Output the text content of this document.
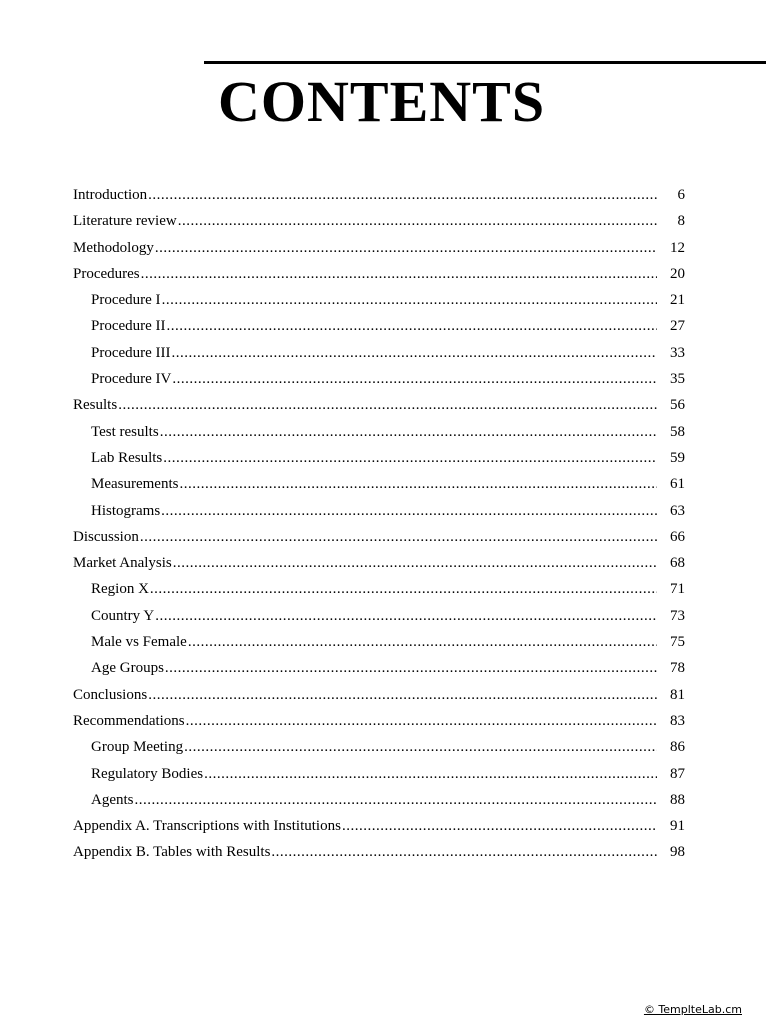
CONTENTS
Introduction .....	6
Literature review .....	8
Methodology .....	12
Procedures .....	20
Procedure I .....	21
Procedure II .....	27
Procedure III .....	33
Procedure IV .....	35
Results .....	56
Test results .....	58
Lab Results .....	59
Measurements .....	61
Histograms .....	63
Discussion .....	66
Market Analysis .....	68
Region X .....	71
Country Y .....	73
Male vs Female .....	75
Age Groups .....	78
Conclusions .....	81
Recommendations .....	83
Group Meeting .....	86
Regulatory Bodies .....	87
Agents .....	88
Appendix A. Transcriptions with Institutions .....	91
Appendix B. Tables with Results .....	98
© TemplteLab.cm
